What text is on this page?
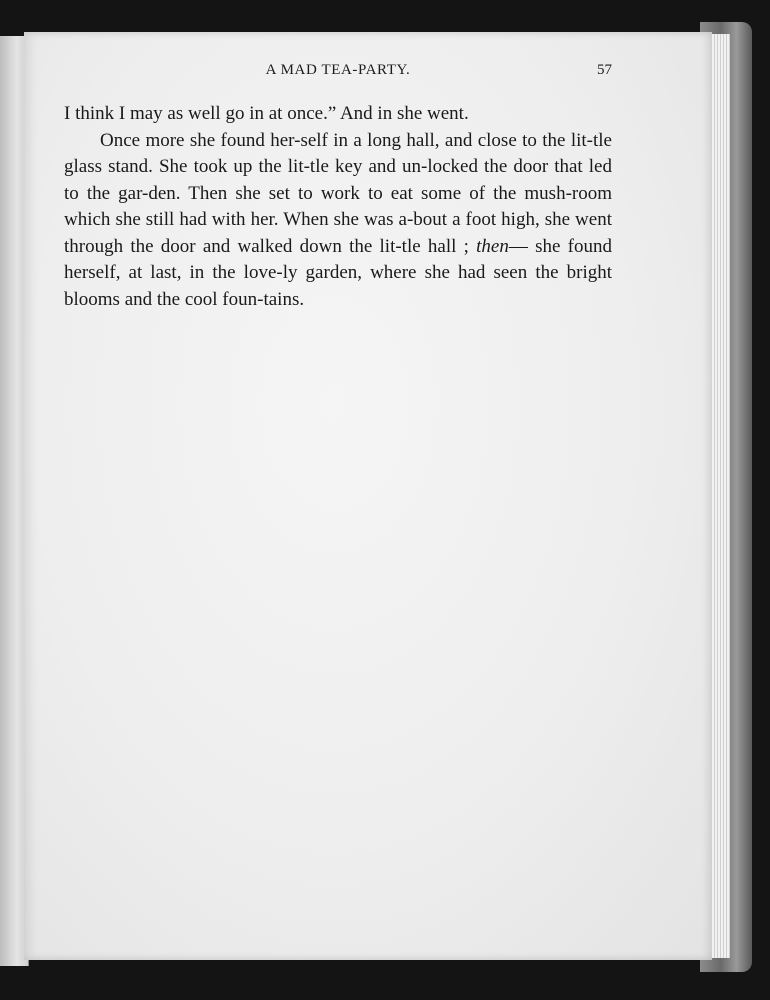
A MAD TEA-PARTY.	57

I think I may as well go in at once.” And in she went.

Once more she found her-self in a long hall, and close to the lit-tle glass stand. She took up the lit-tle key and un-locked the door that led to the gar-den. Then she set to work to eat some of the mush-room which she still had with her. When she was a-bout a foot high, she went through the door and walked down the lit-tle hall ; then— she found herself, at last, in the love-ly garden, where she had seen the bright blooms and the cool foun-tains.
